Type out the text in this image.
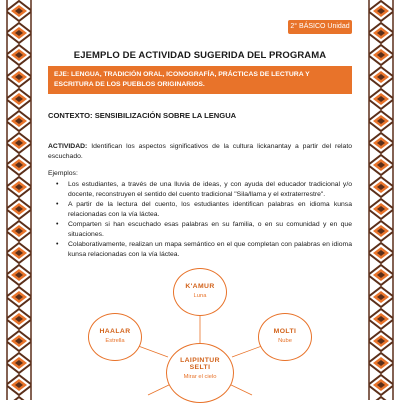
2° BÁSICO Unidad 1
EJEMPLO DE ACTIVIDAD SUGERIDA DEL PROGRAMA
EJE: LENGUA, TRADICIÓN ORAL, ICONOGRAFÍA, PRÁCTICAS DE LECTURA Y ESCRITURA DE LOS PUEBLOS ORIGINARIOS.
CONTEXTO: SENSIBILIZACIÓN SOBRE LA LENGUA
ACTIVIDAD: Identifican los aspectos significativos de la cultura lickanantay a partir del relato escuchado.
Ejemplos:
• Los estudiantes, a través de una lluvia de ideas, y con ayuda del educador tradicional y/o docente, reconstruyen el sentido del cuento tradicional "Sila/llama y el extraterrestre".
• A partir de la lectura del cuento, los estudiantes identifican palabras en idioma kunsa relacionadas con la vía láctea.
• Comparten si han escuchado esas palabras en su familia, o en su comunidad y en que situaciones.
• Colaborativamente, realizan un mapa semántico en el que completan con palabras en idioma kunsa relacionadas con la vía láctea.
K'AMUR
Luna
HAALAR
Estrella
MOLTI
Nube
LAIPINTUR
SELTI
Mirar el cielo
